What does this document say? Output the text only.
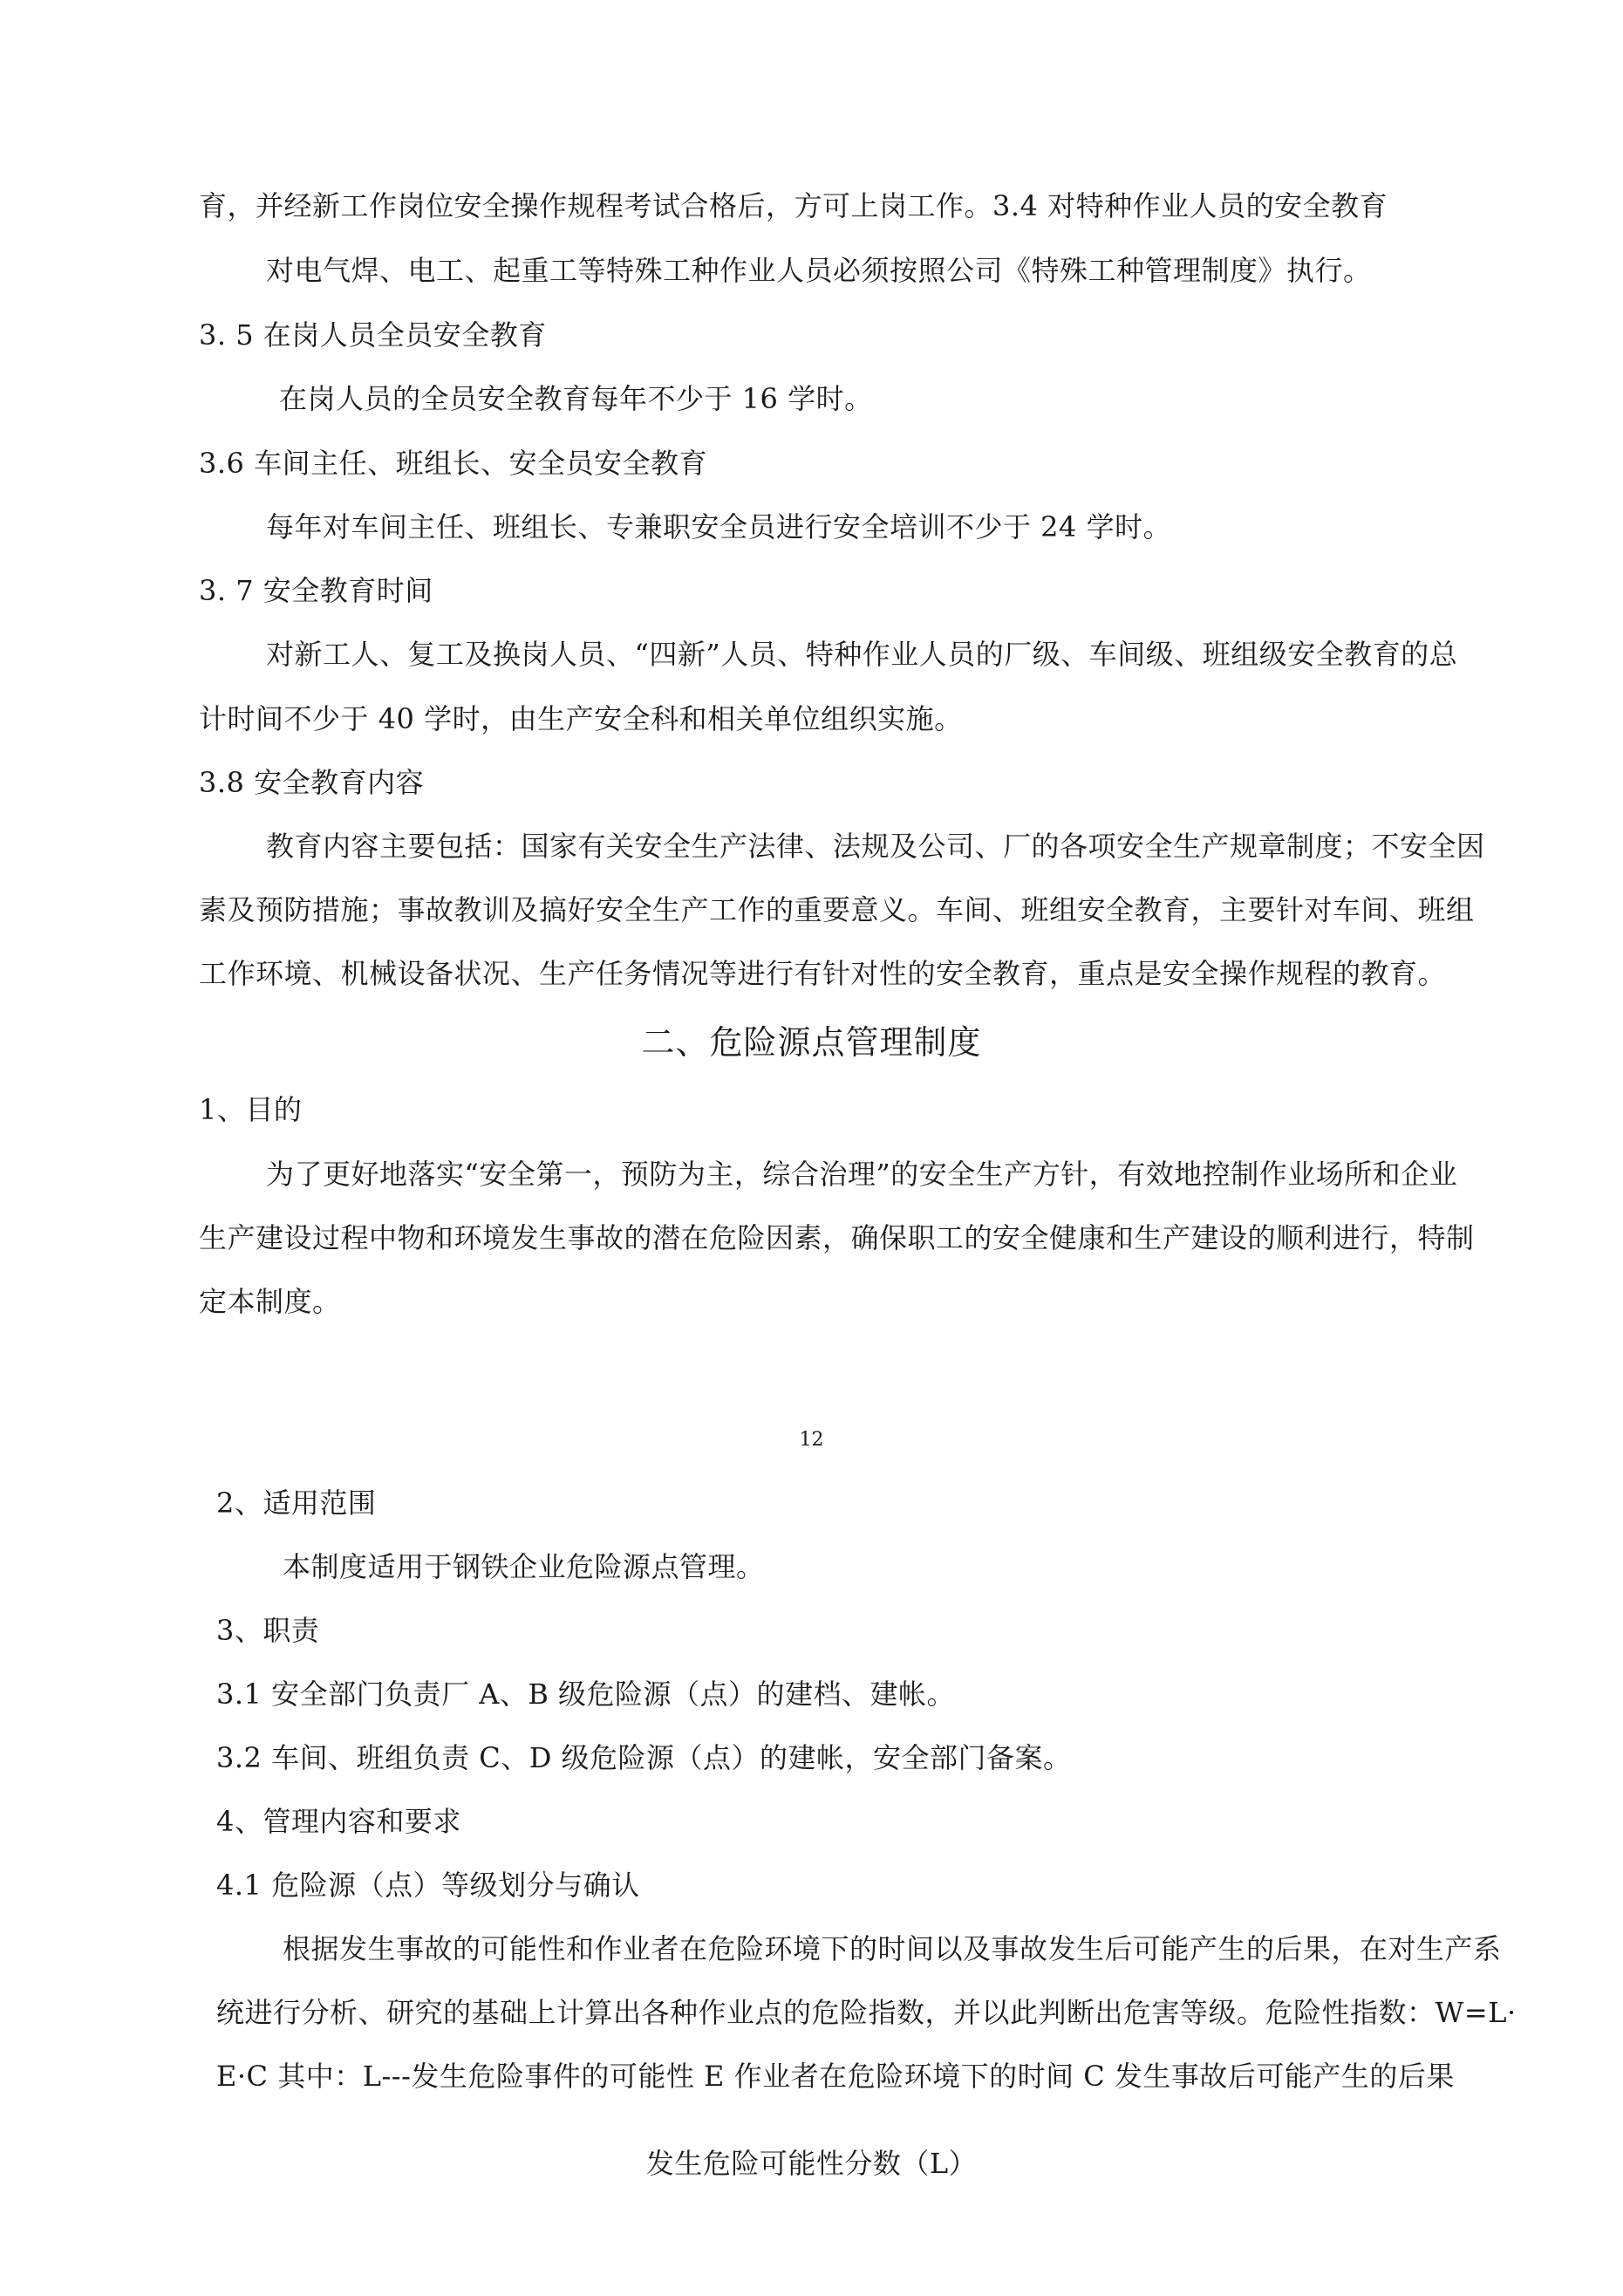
育，并经新工作岗位安全操作规程考试合格后，方可上岗工作。3.4 对特种作业人员的安全教育
对电气焊、电工、起重工等特殊工种作业人员必须按照公司《特殊工种管理制度》执行。
3. 5 在岗人员全员安全教育
在岗人员的全员安全教育每年不少于 16 学时。
3.6 车间主任、班组长、安全员安全教育
每年对车间主任、班组长、专兼职安全员进行安全培训不少于 24 学时。
3. 7 安全教育时间
对新工人、复工及换岗人员、“四新”人员、特种作业人员的厂级、车间级、班组级安全教育的总
计时间不少于 40 学时，由生产安全科和相关单位组织实施。
3.8 安全教育内容
教育内容主要包括：国家有关安全生产法律、法规及公司、厂的各项安全生产规章制度；不安全因
素及预防措施；事故教训及搞好安全生产工作的重要意义。车间、班组安全教育，主要针对车间、班组
工作环境、机械设备状况、生产任务情况等进行有针对性的安全教育，重点是安全操作规程的教育。
二、危险源点管理制度
1、目的
为了更好地落实“安全第一，预防为主，综合治理”的安全生产方针，有效地控制作业场所和企业
生产建设过程中物和环境发生事故的潜在危险因素，确保职工的安全健康和生产建设的顺利进行，特制
定本制度。
12
2、适用范围
本制度适用于钢铁企业危险源点管理。
3、职责
3.1 安全部门负责厂 A、B 级危险源（点）的建档、建帐。
3.2 车间、班组负责 C、D 级危险源（点）的建帐，安全部门备案。
4、管理内容和要求
4.1 危险源（点）等级划分与确认
根据发生事故的可能性和作业者在危险环境下的时间以及事故发生后可能产生的后果，在对生产系
统进行分析、研究的基础上计算出各种作业点的危险指数，并以此判断出危害等级。危险性指数：W=L·
E·C 其中：L---发生危险事件的可能性 E 作业者在危险环境下的时间 C 发生事故后可能产生的后果
发生危险可能性分数（L）
